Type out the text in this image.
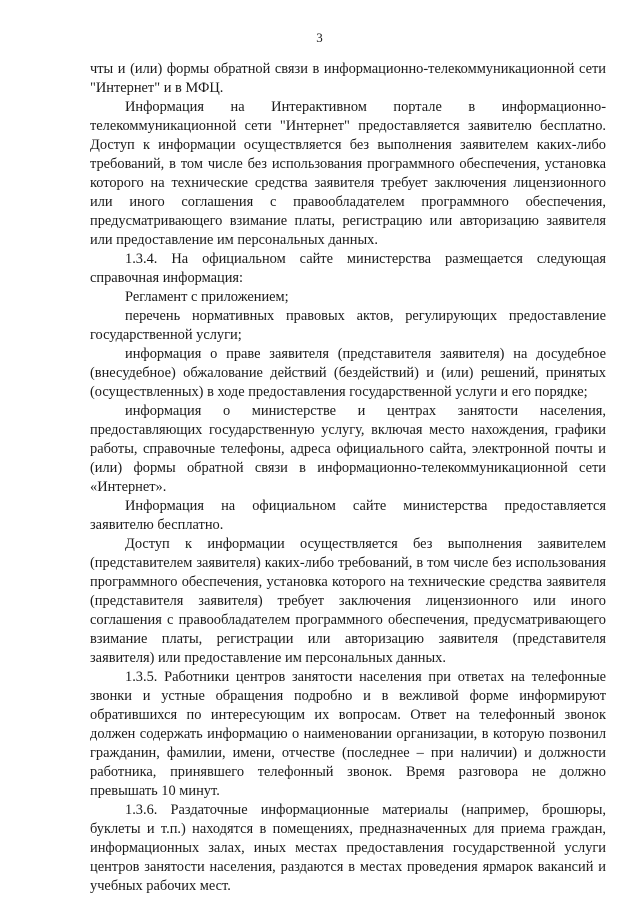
3

чты и (или) формы обратной связи в информационно-телекоммуникационной сети "Интернет" и в МФЦ.

Информация на Интерактивном портале в информационно-телекоммуникационной сети "Интернет" предоставляется заявителю бесплатно. Доступ к информации осуществляется без выполнения заявителем каких-либо требований, в том числе без использования программного обеспечения, установка которого на технические средства заявителя требует заключения лицензионного или иного соглашения с правообладателем программного обеспечения, предусматривающего взимание платы, регистрацию или авторизацию заявителя или предоставление им персональных данных.

1.3.4. На официальном сайте министерства размещается следующая справочная информация:

Регламент с приложением;

перечень нормативных правовых актов, регулирующих предоставление государственной услуги;

информация о праве заявителя (представителя заявителя) на досудебное (внесудебное) обжалование действий (бездействий) и (или) решений, принятых (осуществленных) в ходе предоставления государственной услуги и его порядке;

информация о министерстве и центрах занятости населения, предоставляющих государственную услугу, включая место нахождения, графики работы, справочные телефоны, адреса официального сайта, электронной почты и (или) формы обратной связи в информационно-телекоммуникационной сети «Интернет».

Информация на официальном сайте министерства предоставляется заявителю бесплатно.

Доступ к информации осуществляется без выполнения заявителем (представителем заявителя) каких-либо требований, в том числе без использования программного обеспечения, установка которого на технические средства заявителя (представителя заявителя) требует заключения лицензионного или иного соглашения с правообладателем программного обеспечения, предусматривающего взимание платы, регистрации или авторизацию заявителя (представителя заявителя) или предоставление им персональных данных.

1.3.5. Работники центров занятости населения при ответах на телефонные звонки и устные обращения подробно и в вежливой форме информируют обратившихся по интересующим их вопросам. Ответ на телефонный звонок должен содержать информацию о наименовании организации, в которую позвонил гражданин, фамилии, имени, отчестве (последнее – при наличии) и должности работника, принявшего телефонный звонок. Время разговора не должно превышать 10 минут.

1.3.6. Раздаточные информационные материалы (например, брошюры, буклеты и т.п.) находятся в помещениях, предназначенных для приема граждан, информационных залах, иных местах предоставления государственной услуги центров занятости населения, раздаются в местах проведения ярмарок вакансий и учебных рабочих мест.
